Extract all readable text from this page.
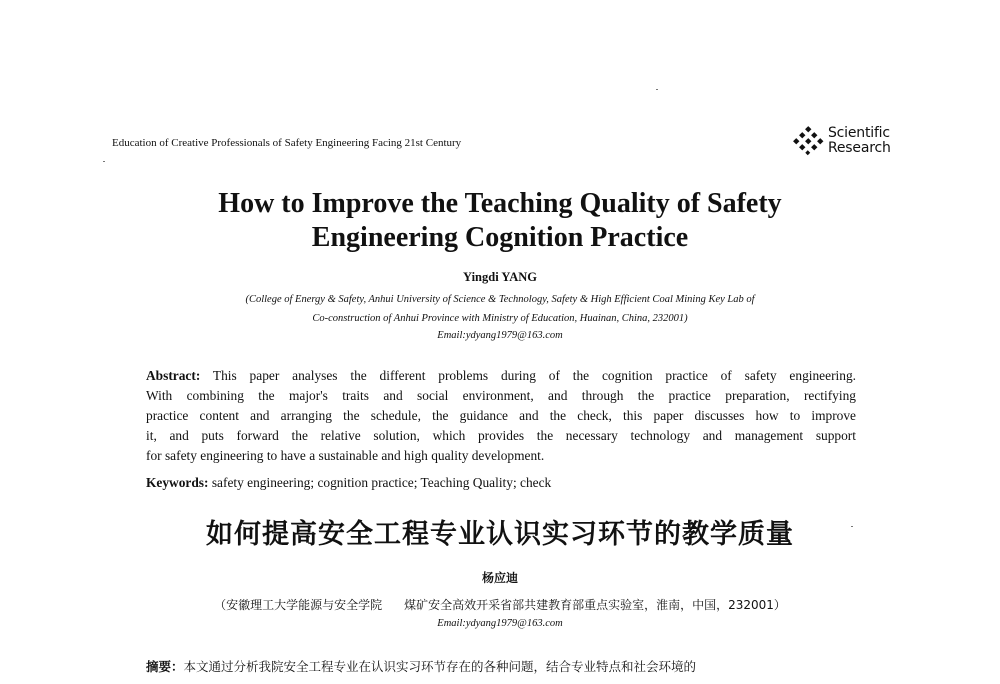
Education of Creative Professionals of Safety Engineering Facing 21st Century
Scientific
Research
How to Improve the Teaching Quality of Safety
Engineering Cognition Practice
Yingdi YANG
(College of Energy & Safety, Anhui University of Science & Technology, Safety & High Efficient Coal Mining Key Lab of
Co-construction of Anhui Province with Ministry of Education, Huainan, China, 232001)
Email:ydyang1979@163.com
Abstract: This paper analyses the different problems during of the cognition practice of safety engineering.
With combining the major's traits and social environment, and through the practice preparation, rectifying
practice content and arranging the schedule, the guidance and the check, this paper discusses how to improve
it, and puts forward the relative solution, which provides the necessary technology and management support
for safety engineering to have a sustainable and high quality development.
Keywords: safety engineering; cognition practice; Teaching Quality; check
如何提高安全工程专业认识实习环节的教学质量
杨应迪
（安徽理工大学能源与安全学院 煤矿安全高效开采省部共建教育部重点实验室，淮南，中国，232001）
Email:ydyang1979@163.com
摘要：本文通过分析我院安全工程专业在认识实习环节存在的各种问题，结合专业特点和社会环境的
